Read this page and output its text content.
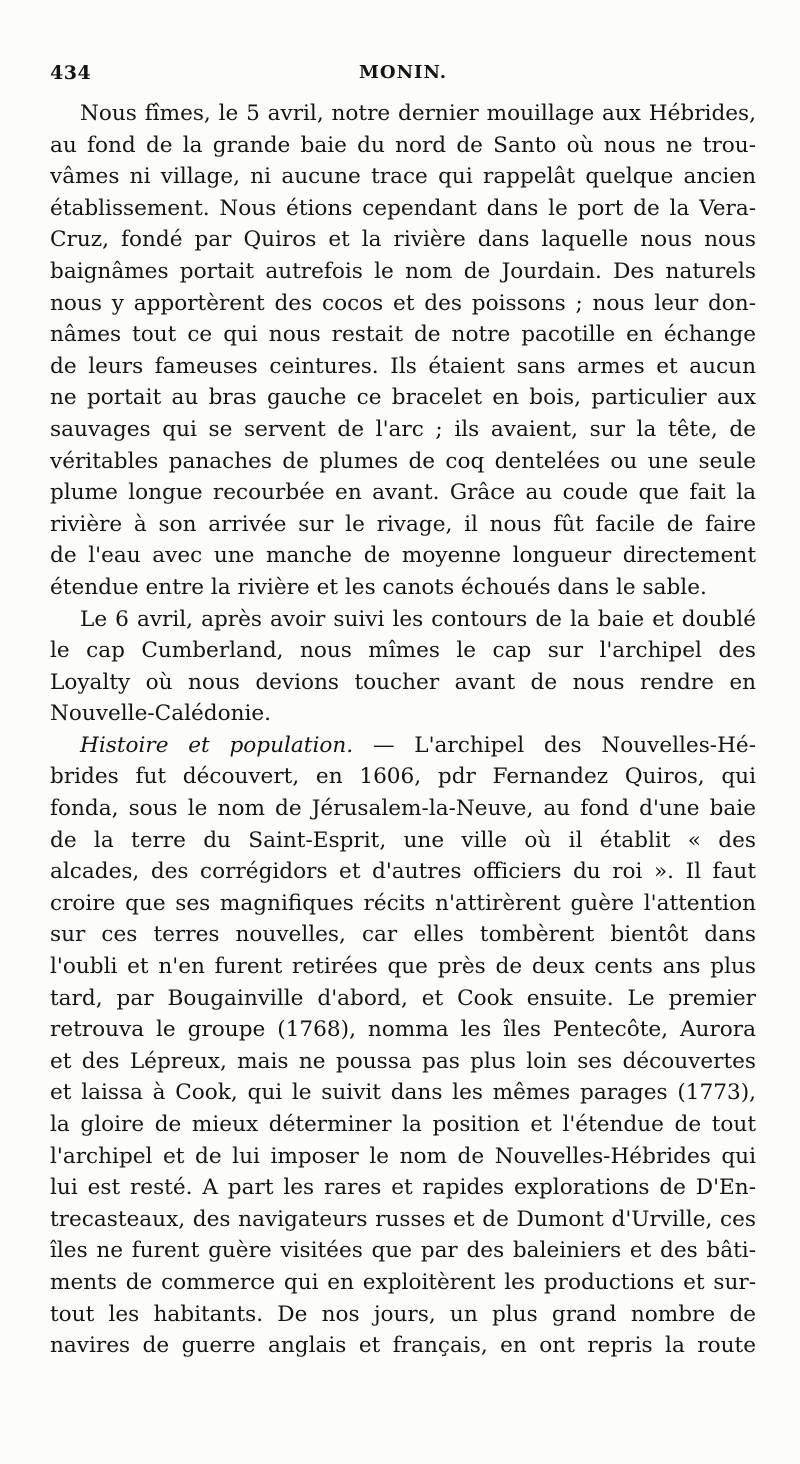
434	MONIN.
Nous fîmes, le 5 avril, notre dernier mouillage aux Hébrides,
au fond de la grande baie du nord de Santo où nous ne trou-
vâmes ni village, ni aucune trace qui rappelât quelque ancien
établissement. Nous étions cependant dans le port de la Vera-
Cruz, fondé par Quiros et la rivière dans laquelle nous nous
baignâmes portait autrefois le nom de Jourdain. Des naturels
nous y apportèrent des cocos et des poissons ; nous leur don-
nâmes tout ce qui nous restait de notre pacotille en échange
de leurs fameuses ceintures. Ils étaient sans armes et aucun
ne portait au bras gauche ce bracelet en bois, particulier aux
sauvages qui se servent de l'arc ; ils avaient, sur la tête, de
véritables panaches de plumes de coq dentelées ou une seule
plume longue recourbée en avant. Grâce au coude que fait la
rivière à son arrivée sur le rivage, il nous fût facile de faire
de l'eau avec une manche de moyenne longueur directement
étendue entre la rivière et les canots échoués dans le sable.
Le 6 avril, après avoir suivi les contours de la baie et doublé
le cap Cumberland, nous mîmes le cap sur l'archipel des
Loyalty où nous devions toucher avant de nous rendre en
Nouvelle-Calédonie.
Histoire et population. — L'archipel des Nouvelles-Hé-
brides fut découvert, en 1606, pdr Fernandez Quiros, qui
fonda, sous le nom de Jérusalem-la-Neuve, au fond d'une baie
de la terre du Saint-Esprit, une ville où il établit « des
alcades, des corrégidors et d'autres officiers du roi ». Il faut
croire que ses magnifiques récits n'attirèrent guère l'attention
sur ces terres nouvelles, car elles tombèrent bientôt dans
l'oubli et n'en furent retirées que près de deux cents ans plus
tard, par Bougainville d'abord, et Cook ensuite. Le premier
retrouva le groupe (1768), nomma les îles Pentecôte, Aurora
et des Lépreux, mais ne poussa pas plus loin ses découvertes
et laissa à Cook, qui le suivit dans les mêmes parages (1773),
la gloire de mieux déterminer la position et l'étendue de tout
l'archipel et de lui imposer le nom de Nouvelles-Hébrides qui
lui est resté. A part les rares et rapides explorations de D'En-
trecasteaux, des navigateurs russes et de Dumont d'Urville, ces
îles ne furent guère visitées que par des baleiniers et des bâti-
ments de commerce qui en exploitèrent les productions et sur-
tout les habitants. De nos jours, un plus grand nombre de
navires de guerre anglais et français, en ont repris la route
